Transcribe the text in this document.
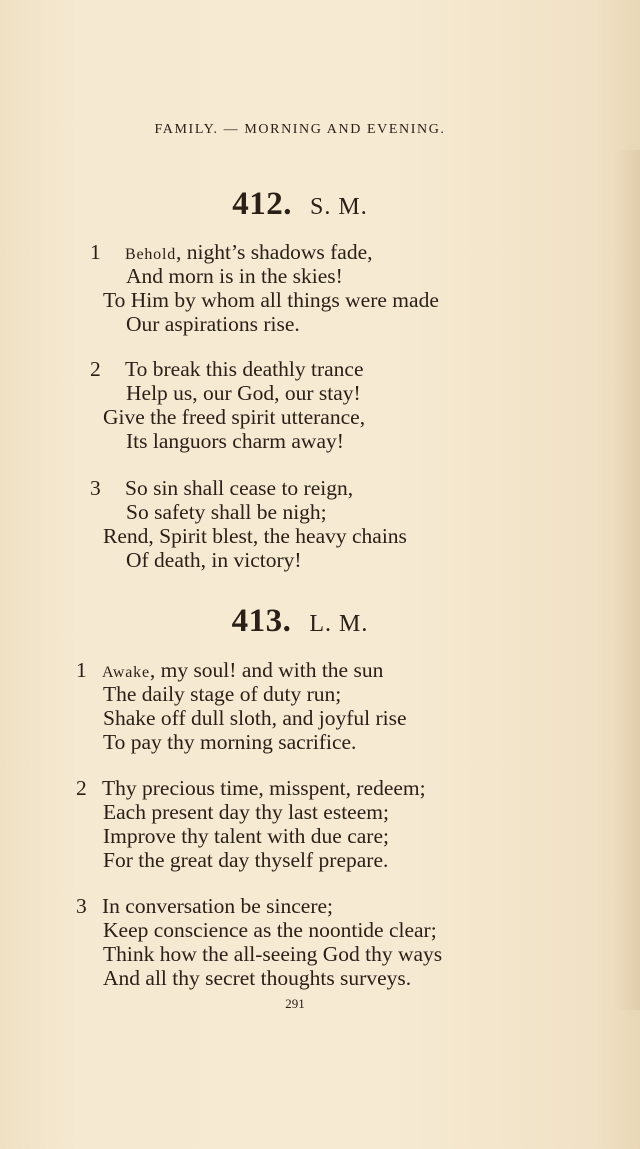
FAMILY. — MORNING AND EVENING.
412. S. M.
1 Behold, night’s shadows fade,
And morn is in the skies!
To Him by whom all things were made
Our aspirations rise.
2 To break this deathly trance
Help us, our God, our stay!
Give the freed spirit utterance,
Its languors charm away!
3 So sin shall cease to reign,
So safety shall be nigh;
Rend, Spirit blest, the heavy chains
Of death, in victory!
413. L. M.
1 Awake, my soul! and with the sun
The daily stage of duty run;
Shake off dull sloth, and joyful rise
To pay thy morning sacrifice.
2 Thy precious time, misspent, redeem;
Each present day thy last esteem;
Improve thy talent with due care;
For the great day thyself prepare.
3 In conversation be sincere;
Keep conscience as the noontide clear;
Think how the all-seeing God thy ways
And all thy secret thoughts surveys.
291
